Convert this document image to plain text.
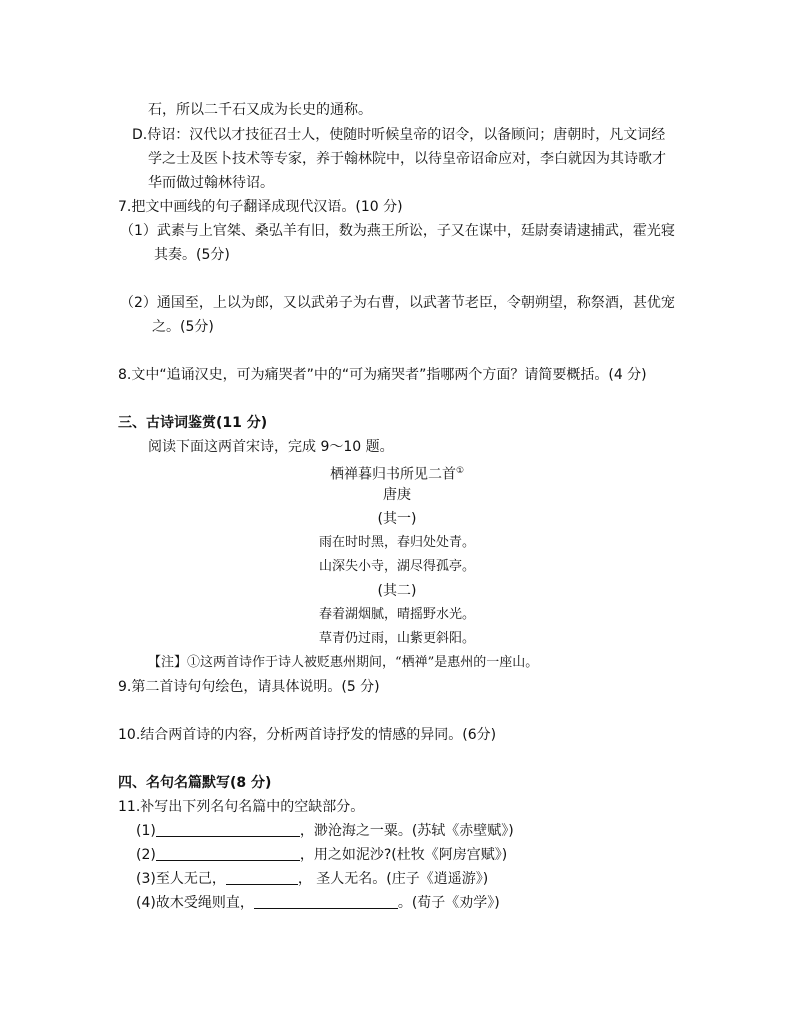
石，所以二千石又成为长史的通称。
D.侍诏：汉代以才技征召士人，使随时听候皇帝的诏令，以备顾问；唐朝时，凡文词经
学之士及医卜技术等专家，养于翰林院中，以待皇帝诏命应对，李白就因为其诗歌才
华而做过翰林待诏。
7.把文中画线的句子翻译成现代汉语。(10 分)
（1）武素与上官桀、桑弘羊有旧，数为燕王所讼，子又在谋中，廷尉奏请逮捕武，霍光寝
其奏。(5分)
（2）通国至，上以为郎，又以武弟子为右曹，以武著节老臣，令朝朔望，称祭酒，甚优宠
之。(5分)
8.文中“追诵汉史，可为痛哭者”中的“可为痛哭者”指哪两个方面？请简要概括。(4 分)
三、古诗词鉴赏(11 分)
阅读下面这两首宋诗，完成 9～10 题。
栖禅暮归书所见二首①
唐庚
(其一)
雨在时时黑，春归处处青。
山深失小寺，湖尽得孤亭。
(其二)
春着湖烟腻，晴摇野水光。
草青仍过雨，山紫更斜阳。
【注】①这两首诗作于诗人被贬惠州期间，“栖禅”是惠州的一座山。
9.第二首诗句句绘色，请具体说明。(5 分)
10.结合两首诗的内容，分析两首诗抒发的情感的异同。(6分)
四、名句名篇默写(8 分)
11.补写出下列名句名篇中的空缺部分。
(1)	，渺沧海之一粟。(苏轼《赤壁赋》)
(2)	，用之如泥沙?(杜牧《阿房宫赋》)
(3)至人无己，	， 圣人无名。(庄子《逍遥游》)
(4)故木受绳则直，	。(荀子《劝学》)
